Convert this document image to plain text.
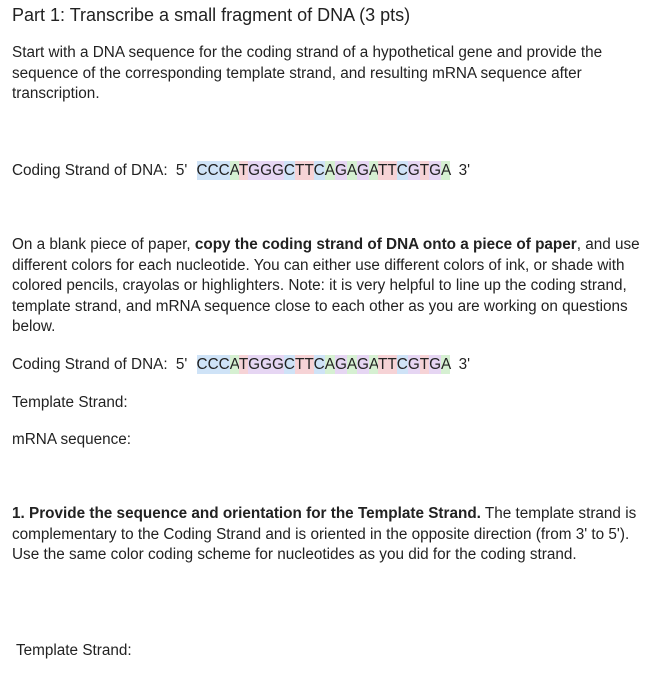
Part 1: Transcribe a small fragment of DNA (3 pts)

Start with a DNA sequence for the coding strand of a hypothetical gene and provide the sequence of the corresponding template strand, and resulting mRNA sequence after transcription.

Coding Strand of DNA: 5' CCCATGGGCTTCAGAGATTCGTGA 3'

On a blank piece of paper, copy the coding strand of DNA onto a piece of paper, and use different colors for each nucleotide. You can either use different colors of ink, or shade with colored pencils, crayolas or highlighters. Note: it is very helpful to line up the coding strand, template strand, and mRNA sequence close to each other as you are working on questions below.

Coding Strand of DNA: 5' CCCATGGGCTTCAGAGATTCGTGA 3'
Template Strand:
mRNA sequence:

1. Provide the sequence and orientation for the Template Strand. The template strand is complementary to the Coding Strand and is oriented in the opposite direction (from 3' to 5'). Use the same color coding scheme for nucleotides as you did for the coding strand.

Template Strand:
